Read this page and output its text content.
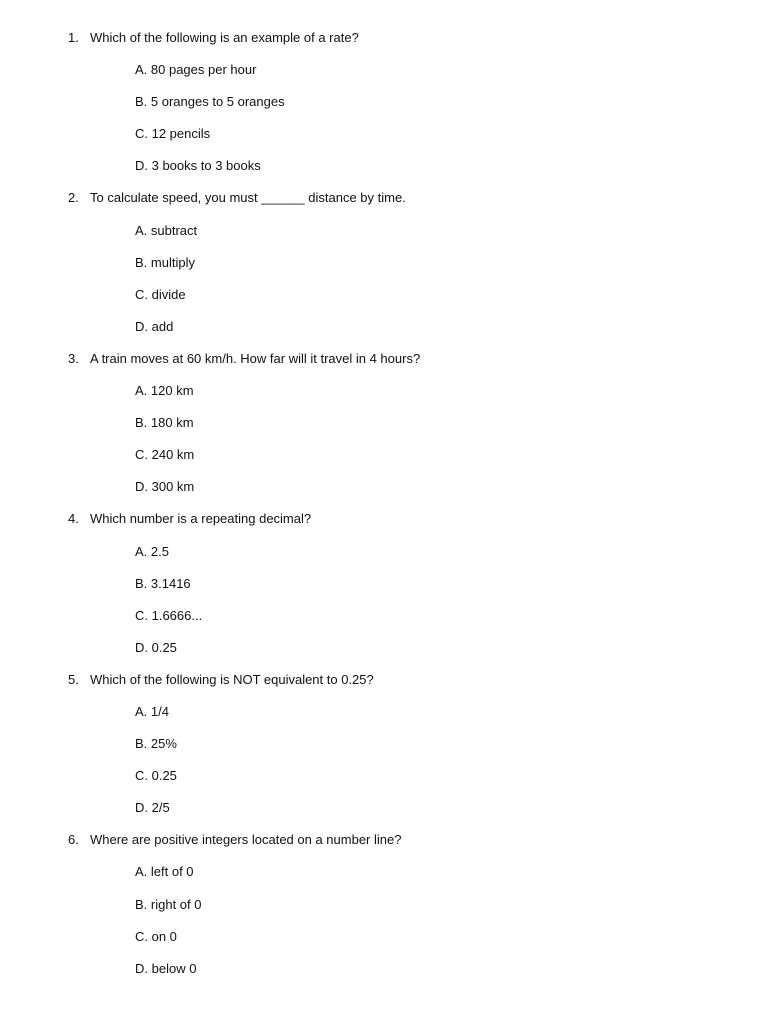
1. Which of the following is an example of a rate?
A. 80 pages per hour
B. 5 oranges to 5 oranges
C. 12 pencils
D. 3 books to 3 books
2. To calculate speed, you must ______ distance by time.
A. subtract
B. multiply
C. divide
D. add
3. A train moves at 60 km/h. How far will it travel in 4 hours?
A. 120 km
B. 180 km
C. 240 km
D. 300 km
4. Which number is a repeating decimal?
A. 2.5
B. 3.1416
C. 1.6666...
D. 0.25
5. Which of the following is NOT equivalent to 0.25?
A. 1/4
B. 25%
C. 0.25
D. 2/5
6. Where are positive integers located on a number line?
A. left of 0
B. right of 0
C. on 0
D. below 0
